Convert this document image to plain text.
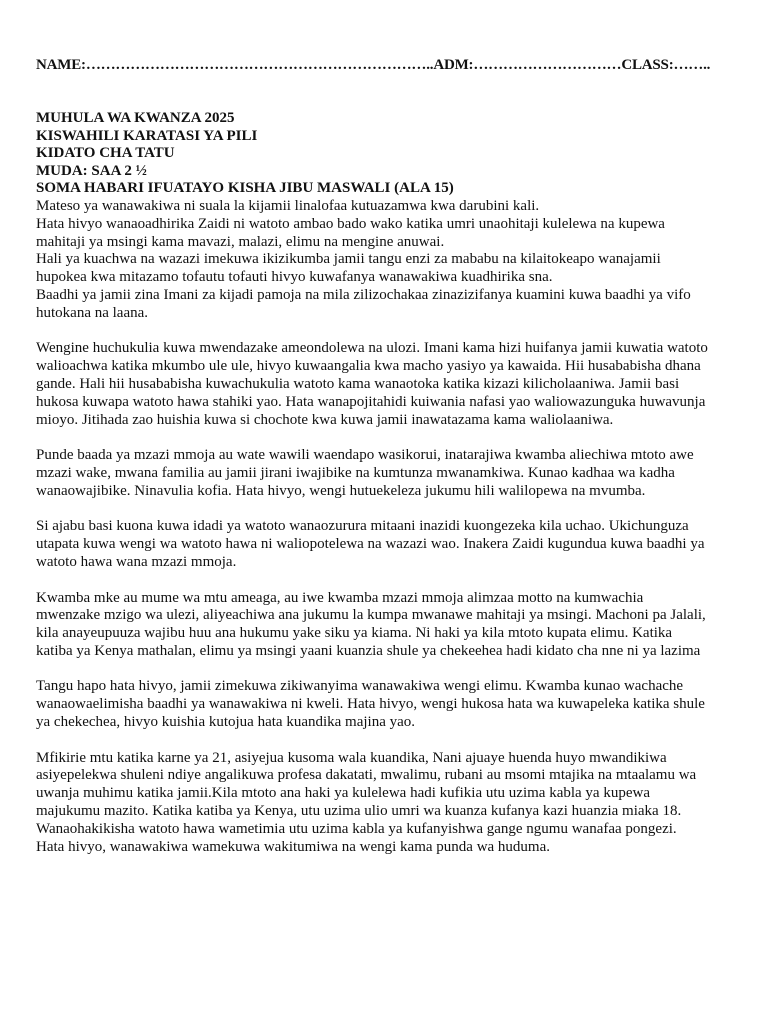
NAME:……………………………………………………………..ADM:…………………………CLASS:……..
MUHULA WA KWANZA 2025
KISWAHILI KARATASI YA PILI
KIDATO CHA TATU
MUDA: SAA 2 ½
SOMA HABARI IFUATAYO KISHA JIBU MASWALI (ALA 15)

Mateso ya wanawakiwa ni suala la kijamii linalofaa kutuazamwa kwa darubini kali.

Hata hivyo wanaoadhirika Zaidi ni watoto ambao bado wako katika umri unaohitaji kulelewa na kupewa mahitaji ya msingi kama mavazi, malazi, elimu na mengine anuwai.

Hali ya kuachwa na wazazi imekuwa ikizikumba jamii tangu enzi za mababu na kilaitokeapo wanajamii hupokea kwa mitazamo tofautu tofauti hivyo kuwafanya wanawakiwa kuadhirika sna.

Baadhi ya jamii zina Imani za kijadi pamoja na mila zilizochakaa zinazizifanya kuamini kuwa baadhi ya vifo hutokana na laana.

Wengine huchukulia kuwa mwendazake ameondolewa na ulozi. Imani kama hizi huifanya jamii kuwatia watoto walioachwa katika mkumbo ule ule, hivyo kuwaangalia kwa macho yasiyo ya kawaida. Hii husababisha dhana gande. Hali hii husababisha kuwachukulia watoto kama wanaotoka katika kizazi kilicholaaniwa. Jamii basi hukosa kuwapa watoto hawa stahiki yao. Hata wanapojitahidi kuiwania nafasi yao waliowazunguka huwavunja mioyo. Jitihada zao huishia kuwa si chochote kwa kuwa jamii inawatazama kama waliolaaniwa.

Punde baada ya mzazi mmoja au wate wawili waendapo wasikorui, inatarajiwa kwamba aliechiwa mtoto awe mzazi wake, mwana familia au jamii jirani iwajibike na kumtunza mwanamkiwa. Kunao kadhaa wa kadha wanaowajibike. Ninavulia kofia. Hata hivyo, wengi hutuekeleza jukumu hili walilopewa na mvumba.

Si ajabu basi kuona kuwa idadi ya watoto wanaozurura mitaani inazidi kuongezeka kila uchao. Ukichunguza utapata kuwa wengi wa watoto hawa ni waliopotelewa na wazazi wao. Inakera Zaidi kugundua kuwa baadhi ya watoto hawa wana mzazi mmoja.

Kwamba mke au mume wa mtu ameaga, au iwe kwamba mzazi mmoja alimzaa motto na kumwachia mwenzake mzigo wa ulezi, aliyeachiwa ana jukumu la kumpa mwanawe mahitaji ya msingi. Machoni pa Jalali, kila anayeupuuza wajibu huu ana hukumu yake siku ya kiama. Ni haki ya kila mtoto kupata elimu. Katika katiba ya Kenya mathalan, elimu ya msingi yaani kuanzia shule ya chekeehea hadi kidato cha nne ni ya lazima

Tangu hapo hata hivyo, jamii zimekuwa zikiwanyima wanawakiwa wengi elimu. Kwamba kunao wachache wanaowaelimisha baadhi ya wanawakiwa ni kweli. Hata hivyo, wengi hukosa hata wa kuwapeleka katika shule ya chekechea, hivyo kuishia kutojua hata kuandika majina yao.

Mfikirie mtu katika karne ya 21, asiyejua kusoma wala kuandika, Nani ajuaye huenda huyo mwandikiwa asiyepelekwa shuleni ndiye angalikuwa profesa dakatati, mwalimu, rubani au msomi mtajika na mtaalamu wa uwanja muhimu katika jamii.Kila mtoto ana haki ya kulelewa hadi kufikia utu uzima kabla ya kupewa majukumu mazito. Katika katiba ya Kenya, utu uzima ulio umri wa kuanza kufanya kazi huanzia miaka 18. Wanaohakikisha watoto hawa wametimia utu uzima kabla ya kufanyishwa gange ngumu wanafaa pongezi. Hata hivyo, wanawakiwa wamekuwa wakitumiwa na wengi kama punda wa huduma.
